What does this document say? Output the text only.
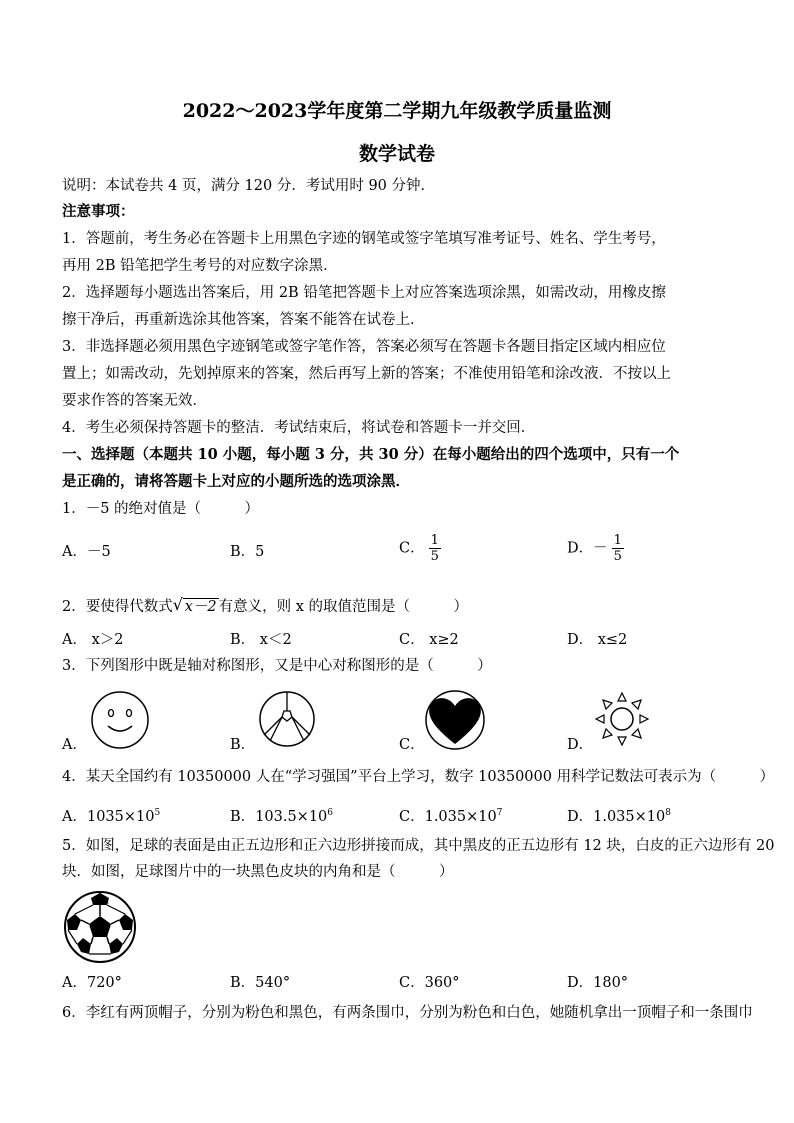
2022～2023学年度第二学期九年级教学质量监测
数学试卷
说明：本试卷共 4 页，满分 120 分．考试用时 90 分钟．
注意事项：
1．答题前，考生务必在答题卡上用黑色字迹的钢笔或签字笔填写准考证号、姓名、学生考号，
再用 2B 铅笔把学生考号的对应数字涂黑．
2．选择题每小题选出答案后，用 2B 铅笔把答题卡上对应答案选项涂黑，如需改动，用橡皮擦
擦干净后，再重新选涂其他答案，答案不能答在试卷上．
3．非选择题必须用黑色字迹钢笔或签字笔作答，答案必须写在答题卡各题目指定区域内相应位
置上；如需改动，先划掉原来的答案，然后再写上新的答案；不准使用铅笔和涂改液．不按以上
要求作答的答案无效．
4．考生必须保持答题卡的整洁．考试结束后，将试卷和答题卡一并交回．
一、选择题（本题共 10 小题，每小题 3 分，共 30 分）在每小题给出的四个选项中，只有一个
是正确的，请将答题卡上对应的小题所选的选项涂黑．
1．－5 的绝对值是（　　　）
A．－5	B．5	C． $\frac{1}{5}$	D．－ $\frac{1}{5}$
2．要使得代数式 √ x－2 有意义，则 x 的取值范围是（　　　）
A． x＞2	B． x＜2	C． x≥2	D． x≤2
3．下列图形中既是轴对称图形，又是中心对称图形的是（　　　）
A．	B．	C．	D．
4．某天全国约有 10350000 人在“学习强国”平台上学习，数字 10350000 用科学记数法可表示为（　　　）
A．$1035\times 10^5$	B．$103.5\times 10^6$	C．$1.035\times 10^7$	D．$1.035\times 10^8$
5．如图，足球的表面是由正五边形和正六边形拼接而成，其中黑皮的正五边形有 12 块，白皮的正六边形有 20
块．如图，足球图片中的一块黑色皮块的内角和是（　　　）
A．720°	B．540°	C．360°	D．180°
6．李红有两顶帽子，分别为粉色和黑色，有两条围巾，分别为粉色和白色，她随机拿出一顶帽子和一条围巾
